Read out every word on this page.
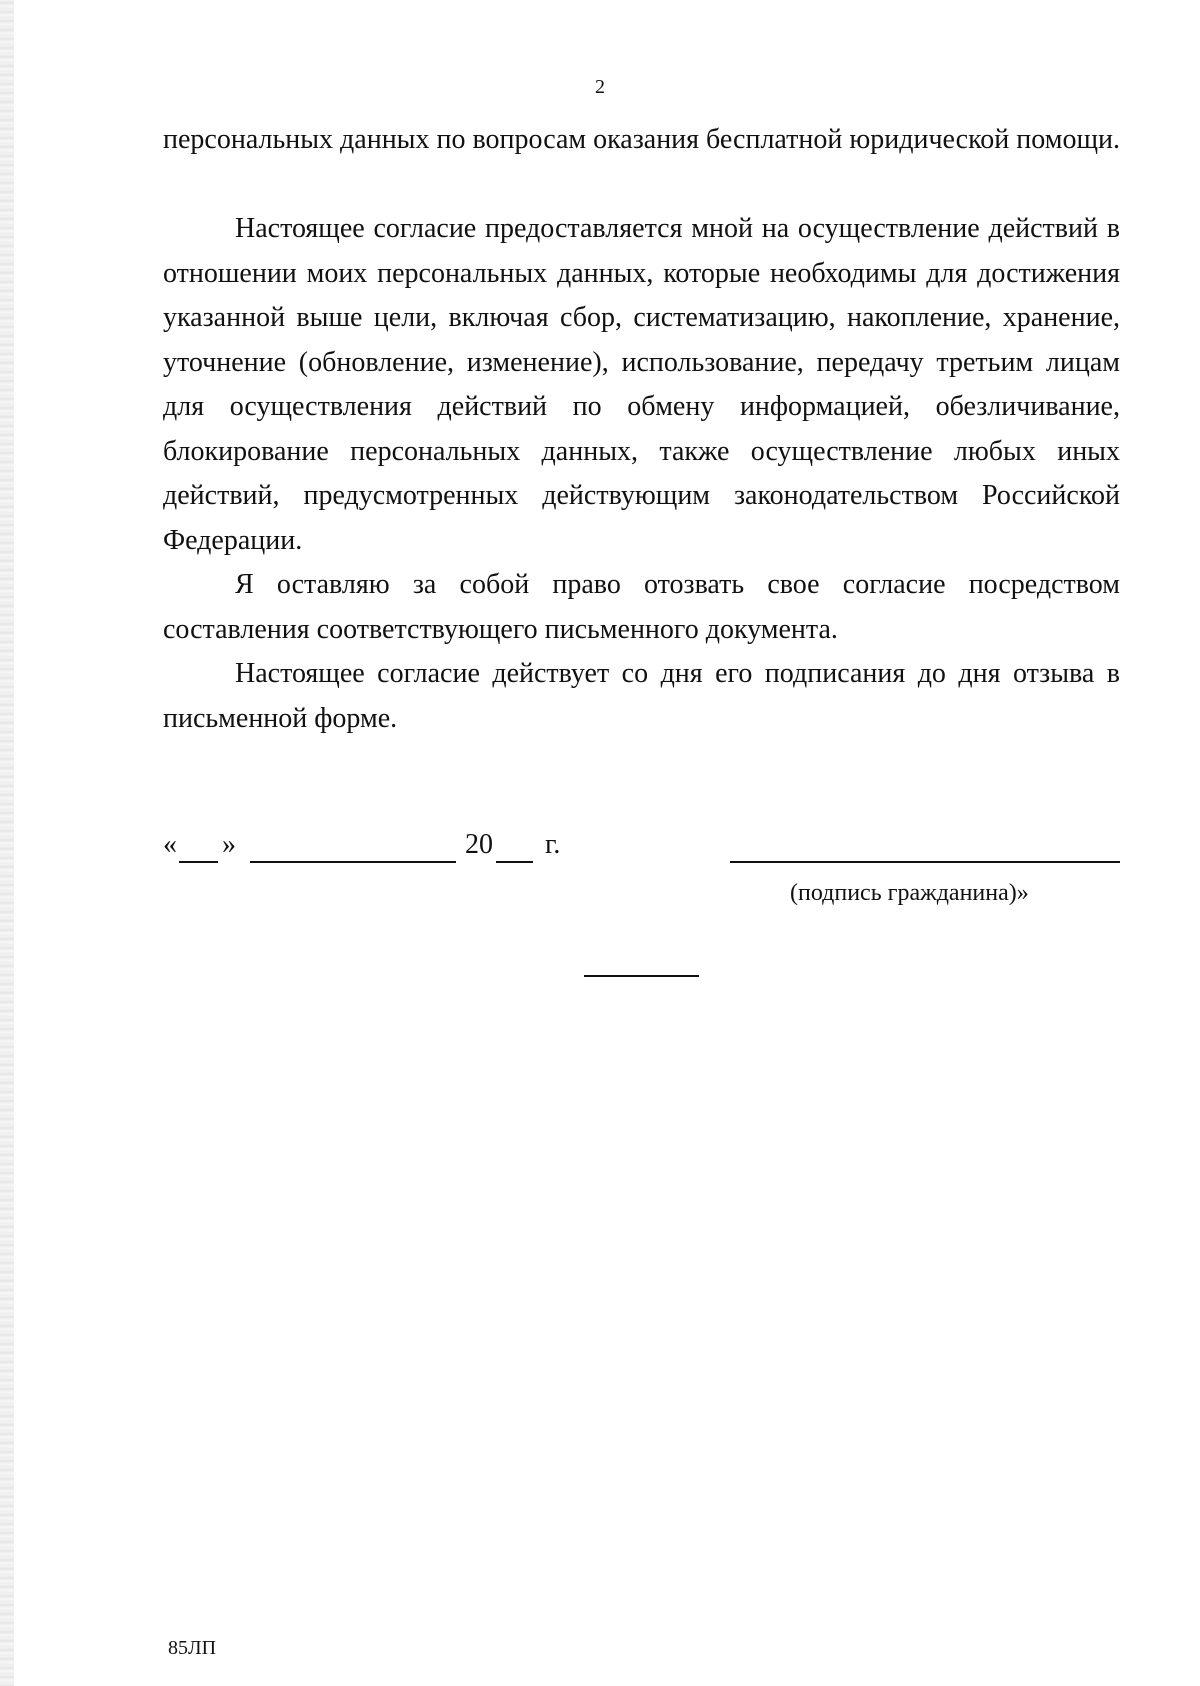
2

персональных данных по вопросам оказания бесплатной юридической помощи.

Настоящее согласие предоставляется мной на осуществление действий в отношении моих персональных данных, которые необходимы для достижения указанной выше цели, включая сбор, систематизацию, накопление, хранение, уточнение (обновление, изменение), использование, передачу третьим лицам для осуществления действий по обмену информацией, обезличивание, блокирование персональных данных, также осуществление любых иных действий, предусмотренных действующим законодательством Российской Федерации.

Я оставляю за собой право отозвать свое согласие посредством составления соответствующего письменного документа.

Настоящее согласие действует со дня его подписания до дня отзыва в письменной форме.

« »	20 г.
(подпись гражданина)»
85ЛП
